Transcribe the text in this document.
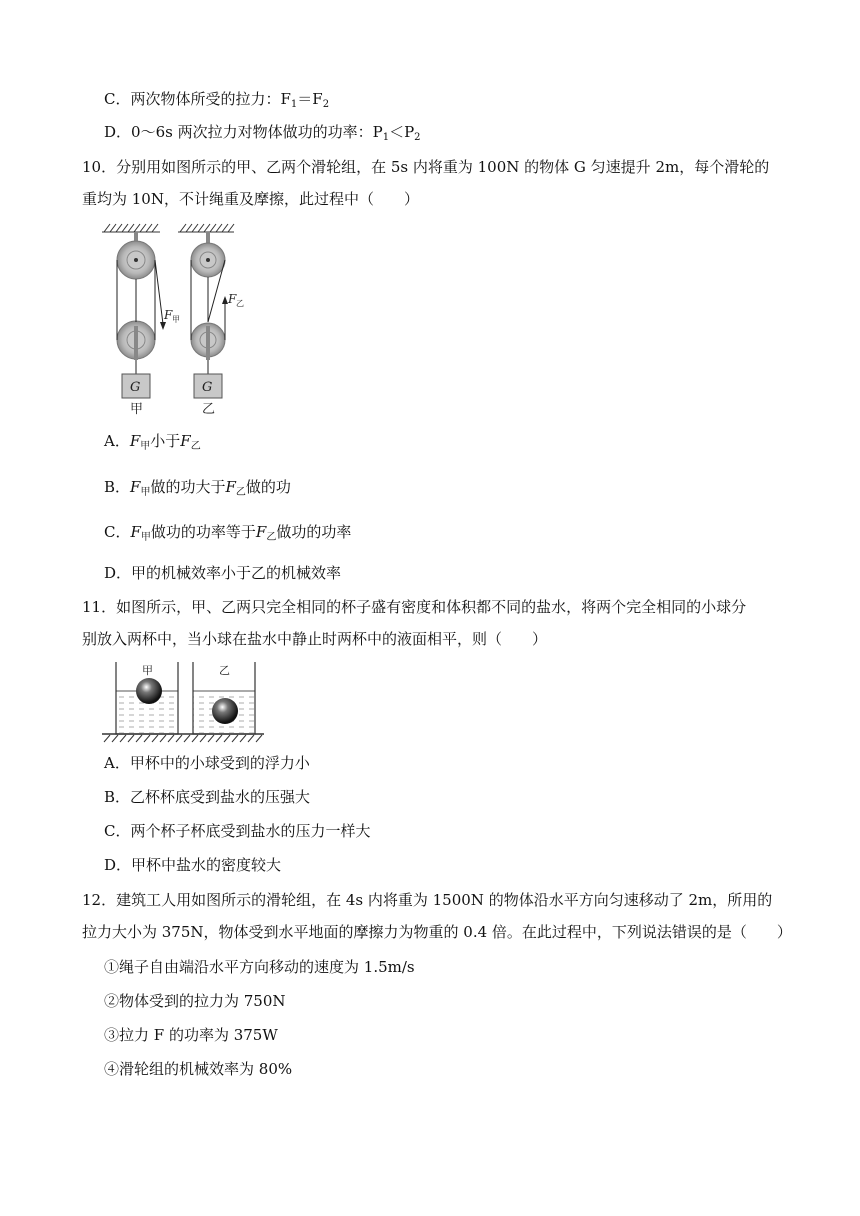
C．两次物体所受的拉力：$F_1=F_2$
D．0～6s 两次拉力对物体做功的功率：$P_1<P_2$
10．分别用如图所示的甲、乙两个滑轮组，在 5s 内将重为 100N 的物体 G 匀速提升 2m，每个滑轮的
重均为 10N，不计绳重及摩擦，此过程中（　　）
G
F 甲
甲
G
F 乙
乙
A．$F_甲$小于$F_乙$
B．$F_甲$做的功大于$F_乙$做的功
C．$F_甲$做功的功率等于$F_乙$做功的功率
D．甲的机械效率小于乙的机械效率
11．如图所示，甲、乙两只完全相同的杯子盛有密度和体积都不同的盐水，将两个完全相同的小球分
别放入两杯中，当小球在盐水中静止时两杯中的液面相平，则（　　）
甲	乙
A．甲杯中的小球受到的浮力小
B．乙杯杯底受到盐水的压强大
C．两个杯子杯底受到盐水的压力一样大
D．甲杯中盐水的密度较大
12．建筑工人用如图所示的滑轮组，在 4s 内将重为 1500N 的物体沿水平方向匀速移动了 2m，所用的
拉力大小为 375N，物体受到水平地面的摩擦力为物重的 0.4 倍。在此过程中，下列说法错误的是（　　）
①绳子自由端沿水平方向移动的速度为 1.5m/s
②物体受到的拉力为 750N
③拉力 F 的功率为 375W
④滑轮组的机械效率为 80%
